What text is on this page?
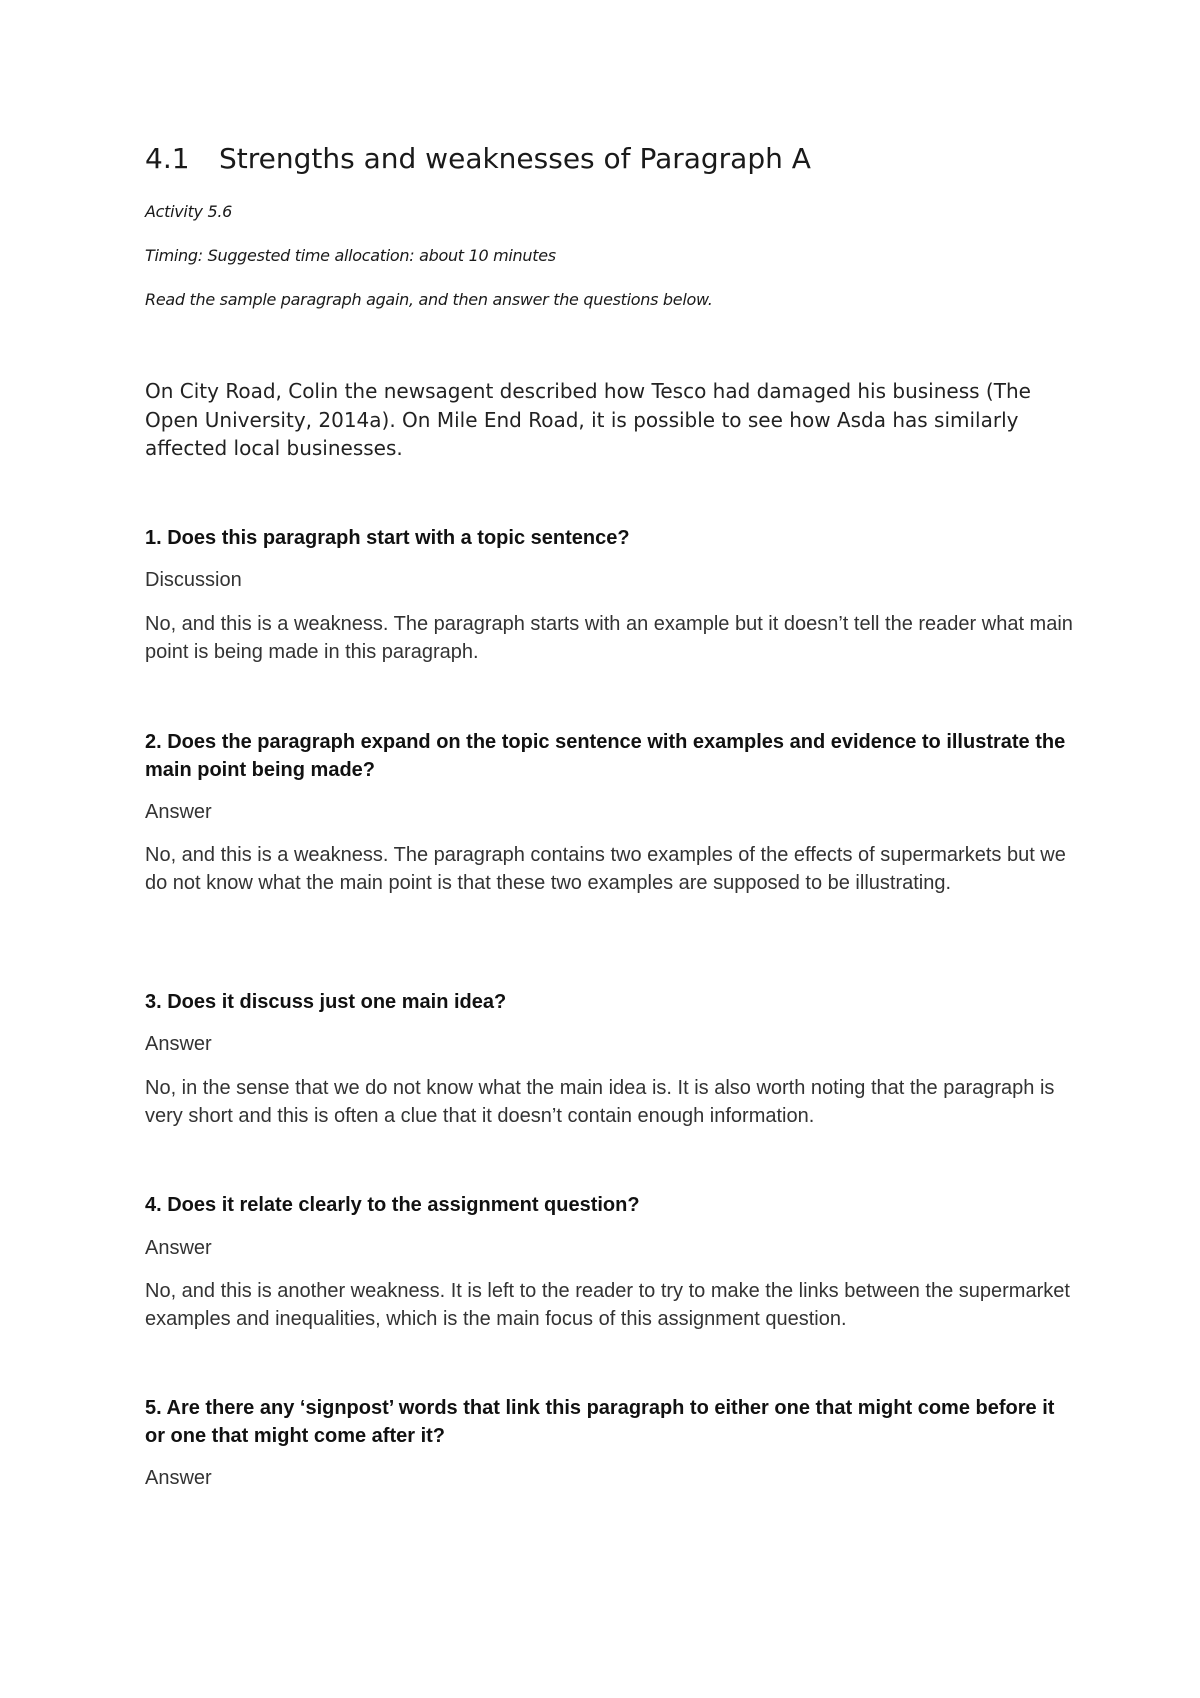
4.1 Strengths and weaknesses of Paragraph A

Activity 5.6

Timing: Suggested time allocation: about 10 minutes

Read the sample paragraph again, and then answer the questions below.

On City Road, Colin the newsagent described how Tesco had damaged his business (The Open University, 2014a). On Mile End Road, it is possible to see how Asda has similarly affected local businesses.

1. Does this paragraph start with a topic sentence?

Discussion

No, and this is a weakness. The paragraph starts with an example but it doesn’t tell the reader what main point is being made in this paragraph.

2. Does the paragraph expand on the topic sentence with examples and evidence to illustrate the main point being made?

Answer

No, and this is a weakness. The paragraph contains two examples of the effects of supermarkets but we do not know what the main point is that these two examples are supposed to be illustrating.

3. Does it discuss just one main idea?

Answer

No, in the sense that we do not know what the main idea is. It is also worth noting that the paragraph is very short and this is often a clue that it doesn’t contain enough information.

4. Does it relate clearly to the assignment question?

Answer

No, and this is another weakness. It is left to the reader to try to make the links between the supermarket examples and inequalities, which is the main focus of this assignment question.

5. Are there any ‘signpost’ words that link this paragraph to either one that might come before it or one that might come after it?

Answer
